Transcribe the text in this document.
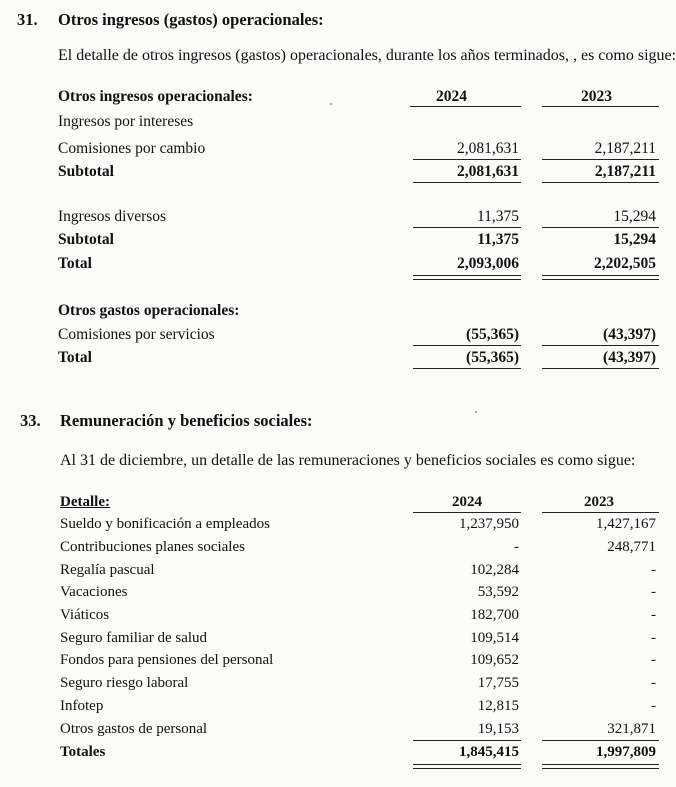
31. Otros ingresos (gastos) operacionales:
El detalle de otros ingresos (gastos) operacionales, durante los años terminados, , es como sigue:
Otros ingresos operacionales:	2024	2023
Ingresos por intereses
Comisiones por cambio	2,081,631	2,187,211
Subtotal	2,081,631	2,187,211
Ingresos diversos	11,375	15,294
Subtotal	11,375	15,294
Total	2,093,006	2,202,505
Otros gastos operacionales:
Comisiones por servicios	(55,365)	(43,397)
Total	(55,365)	(43,397)
33. Remuneración y beneficios sociales:
Al 31 de diciembre, un detalle de las remuneraciones y beneficios sociales es como sigue:
Detalle:	2024	2023
Sueldo y bonificación a empleados	1,237,950	1,427,167
Contribuciones planes sociales	-	248,771
Regalía pascual	102,284	-
Vacaciones	53,592	-
Viáticos	182,700	-
Seguro familiar de salud	109,514	-
Fondos para pensiones del personal	109,652	-
Seguro riesgo laboral	17,755	-
Infotep	12,815	-
Otros gastos de personal	19,153	321,871
Totales	1,845,415	1,997,809
